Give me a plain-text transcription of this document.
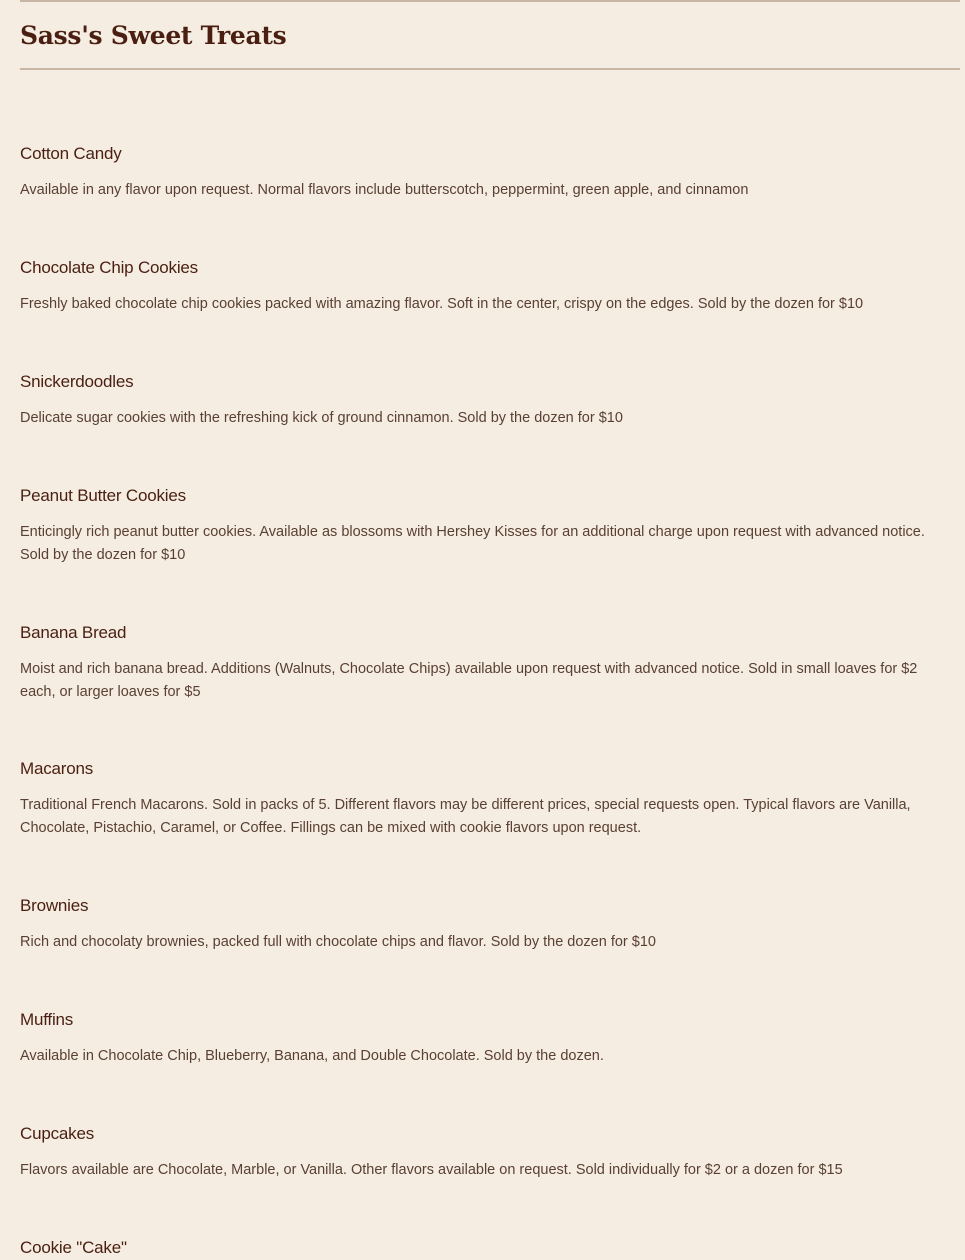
Sass's Sweet Treats
Cotton Candy

Available in any flavor upon request. Normal flavors include butterscotch, peppermint, green apple, and cinnamon

Chocolate Chip Cookies

Freshly baked chocolate chip cookies packed with amazing flavor. Soft in the center, crispy on the edges. Sold by the dozen for $10

Snickerdoodles

Delicate sugar cookies with the refreshing kick of ground cinnamon. Sold by the dozen for $10

Peanut Butter Cookies

Enticingly rich peanut butter cookies. Available as blossoms with Hershey Kisses for an additional charge upon request with advanced notice. Sold by the dozen for $10

Banana Bread

Moist and rich banana bread. Additions (Walnuts, Chocolate Chips) available upon request with advanced notice. Sold in small loaves for $2 each, or larger loaves for $5

Macarons

Traditional French Macarons. Sold in packs of 5. Different flavors may be different prices, special requests open. Typical flavors are Vanilla, Chocolate, Pistachio, Caramel, or Coffee. Fillings can be mixed with cookie flavors upon request.

Brownies

Rich and chocolaty brownies, packed full with chocolate chips and flavor. Sold by the dozen for $10

Muffins

Available in Chocolate Chip, Blueberry, Banana, and Double Chocolate. Sold by the dozen.

Cupcakes

Flavors available are Chocolate, Marble, or Vanilla. Other flavors available on request. Sold individually for $2 or a dozen for $15

Cookie "Cake"
